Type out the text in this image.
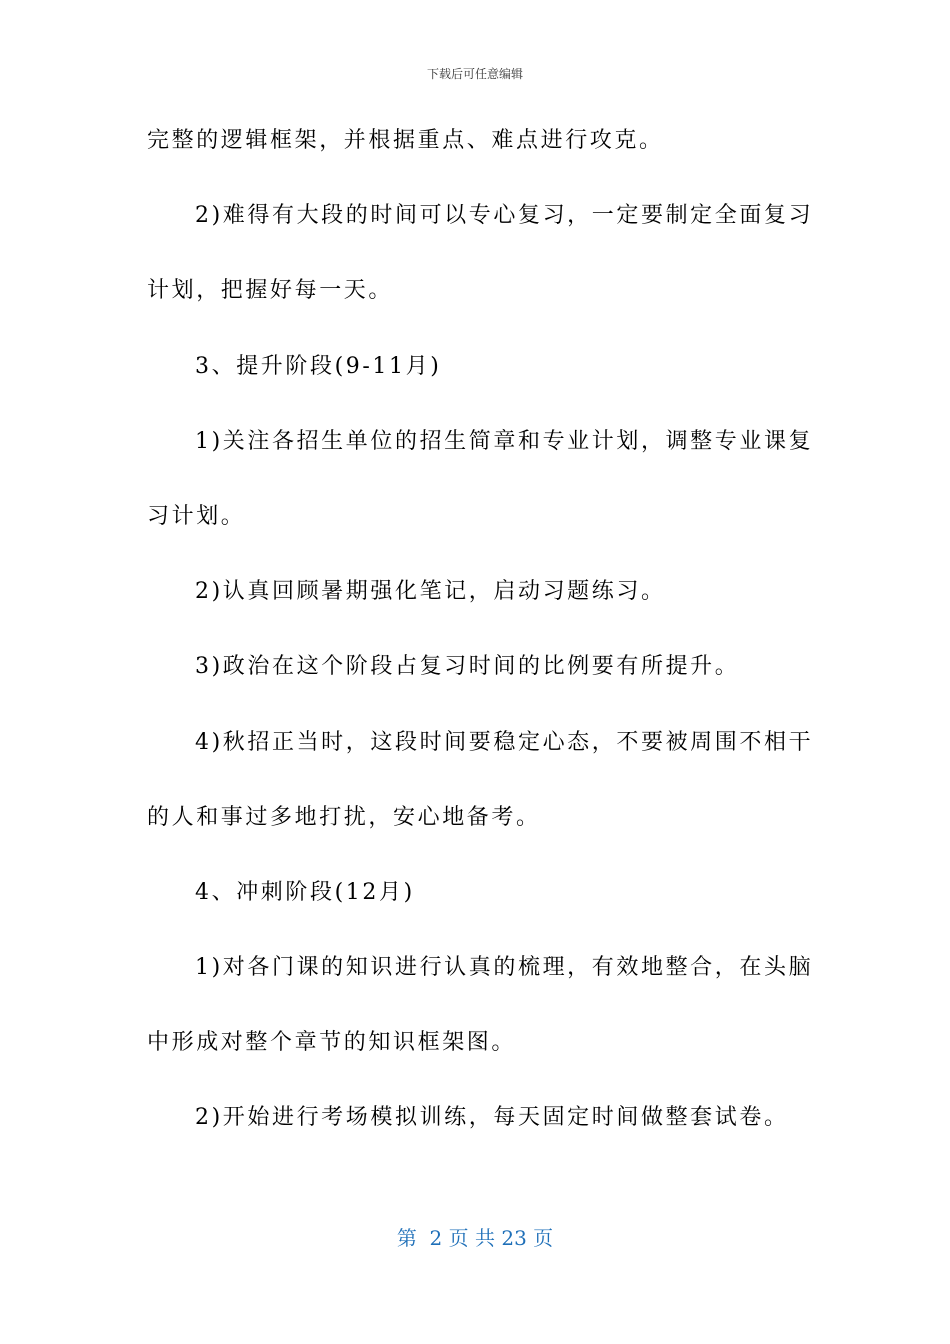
下载后可任意编辑
完整的逻辑框架，并根据重点、难点进行攻克。
2)难得有大段的时间可以专心复习，一定要制定全面复习
计划，把握好每一天。
3、提升阶段(9-11月)
1)关注各招生单位的招生简章和专业计划，调整专业课复
习计划。
2)认真回顾暑期强化笔记，启动习题练习。
3)政治在这个阶段占复习时间的比例要有所提升。
4)秋招正当时，这段时间要稳定心态，不要被周围不相干
的人和事过多地打扰，安心地备考。
4、冲刺阶段(12月)
1)对各门课的知识进行认真的梳理，有效地整合，在头脑
中形成对整个章节的知识框架图。
2)开始进行考场模拟训练，每天固定时间做整套试卷。
第  2 页 共 23 页
